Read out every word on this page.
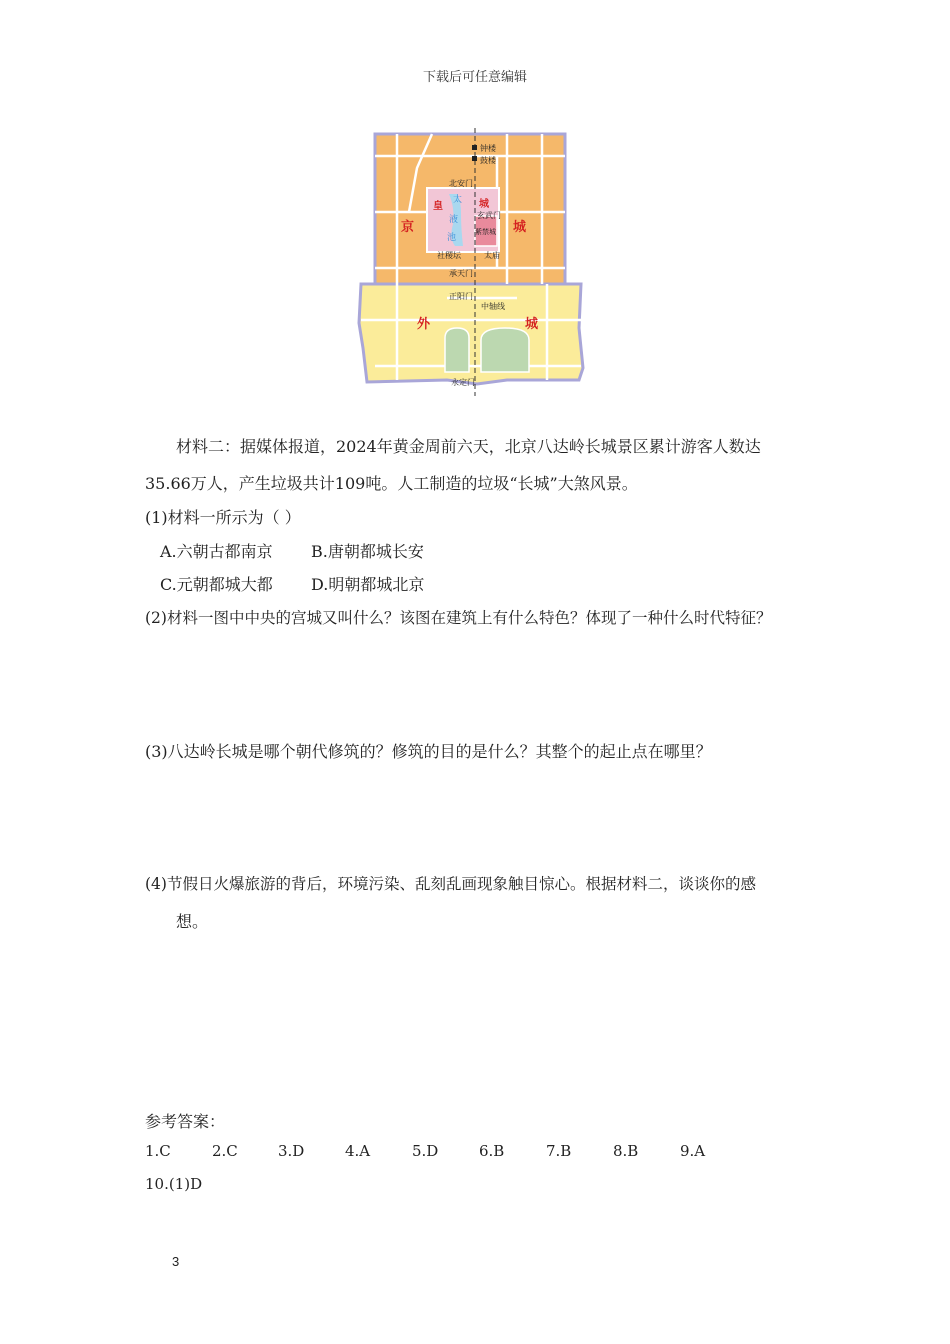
下载后可任意编辑
钟楼
鼓楼
北安门
玄武门
皇	城
紫禁城
太
液
池
社稷坛	太庙
承天门
正阳门
中轴线
京	城
外	城
永定门
材料二：据媒体报道，2024年黄金周前六天，北京八达岭长城景区累计游客人数达
35.66万人，产生垃圾共计109吨。人工制造的垃圾“长城”大煞风景。
(1)材料一所示为（ ）
A.六朝古都南京 B.唐朝都城长安
C.元朝都城大都 D.明朝都城北京
(2)材料一图中中央的宫城又叫什么？该图在建筑上有什么特色？体现了一种什么时代特征？
(3)八达岭长城是哪个朝代修筑的？修筑的目的是什么？其整个的起止点在哪里？
(4)节假日火爆旅游的背后，环境污染、乱刻乱画现象触目惊心。根据材料二，谈谈你的感
想。
参考答案：
1.C	2.C	3.D	4.A	5.D	6.B	7.B	8.B	9.A
10.(1)D
3
